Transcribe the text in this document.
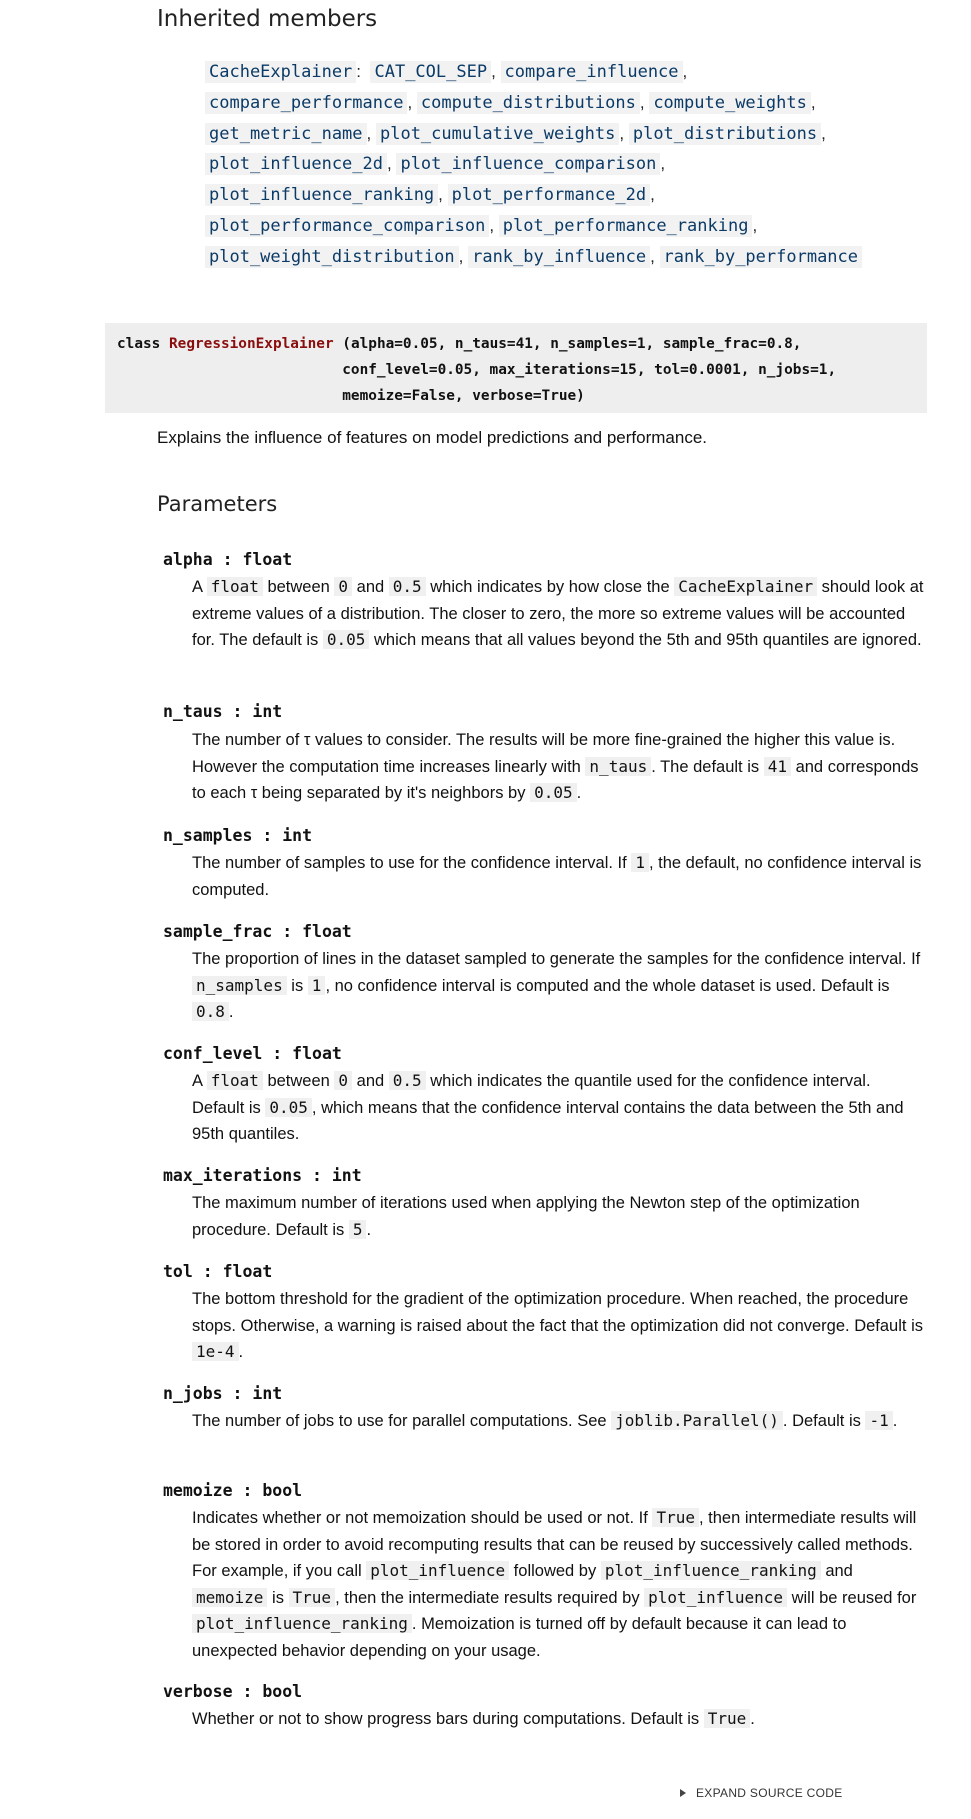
Inherited members
CacheExplainer : CAT_COL_SEP , compare_influence ,
compare_performance , compute_distributions , compute_weights ,
get_metric_name , plot_cumulative_weights , plot_distributions ,
plot_influence_2d , plot_influence_comparison ,
plot_influence_ranking , plot_performance_2d ,
plot_performance_comparison , plot_performance_ranking ,
plot_weight_distribution , rank_by_influence , rank_by_performance
class RegressionExplainer (alpha=0.05, n_taus=41, n_samples=1, sample_frac=0.8,
conf_level=0.05, max_iterations=15, tol=0.0001, n_jobs=1,
memoize=False, verbose=True)

Explains the influence of features on model predictions and performance.

Parameters

alpha : float

A float between 0 and 0.5 which indicates by how close the CacheExplainer should look at extreme values of a distribution. The closer to zero, the more so extreme values will be accounted for. The default is 0.05 which means that all values beyond the 5th and 95th quantiles are ignored.

n_taus : int

The number of τ values to consider. The results will be more fine-grained the higher this value is. However the computation time increases linearly with n_taus . The default is 41 and corresponds to each τ being separated by it's neighbors by 0.05 .

n_samples : int

The number of samples to use for the confidence interval. If 1 , the default, no confidence interval is computed.

sample_frac : float

The proportion of lines in the dataset sampled to generate the samples for the confidence interval. If n_samples is 1 , no confidence interval is computed and the whole dataset is used. Default is 0.8 .

conf_level : float

A float between 0 and 0.5 which indicates the quantile used for the confidence interval. Default is 0.05 , which means that the confidence interval contains the data between the 5th and 95th quantiles.

max_iterations : int

The maximum number of iterations used when applying the Newton step of the optimization procedure. Default is 5 .

tol : float

The bottom threshold for the gradient of the optimization procedure. When reached, the procedure stops. Otherwise, a warning is raised about the fact that the optimization did not converge. Default is 1e-4 .

n_jobs : int

The number of jobs to use for parallel computations. See joblib.Parallel() . Default is -1 .

memoize : bool

Indicates whether or not memoization should be used or not. If True , then intermediate results will be stored in order to avoid recomputing results that can be reused by successively called methods. For example, if you call plot_influence followed by plot_influence_ranking and memoize is True , then the intermediate results required by plot_influence will be reused for plot_influence_ranking . Memoization is turned off by default because it can lead to unexpected behavior depending on your usage.

verbose : bool

Whether or not to show progress bars during computations. Default is True .

EXPAND SOURCE CODE
